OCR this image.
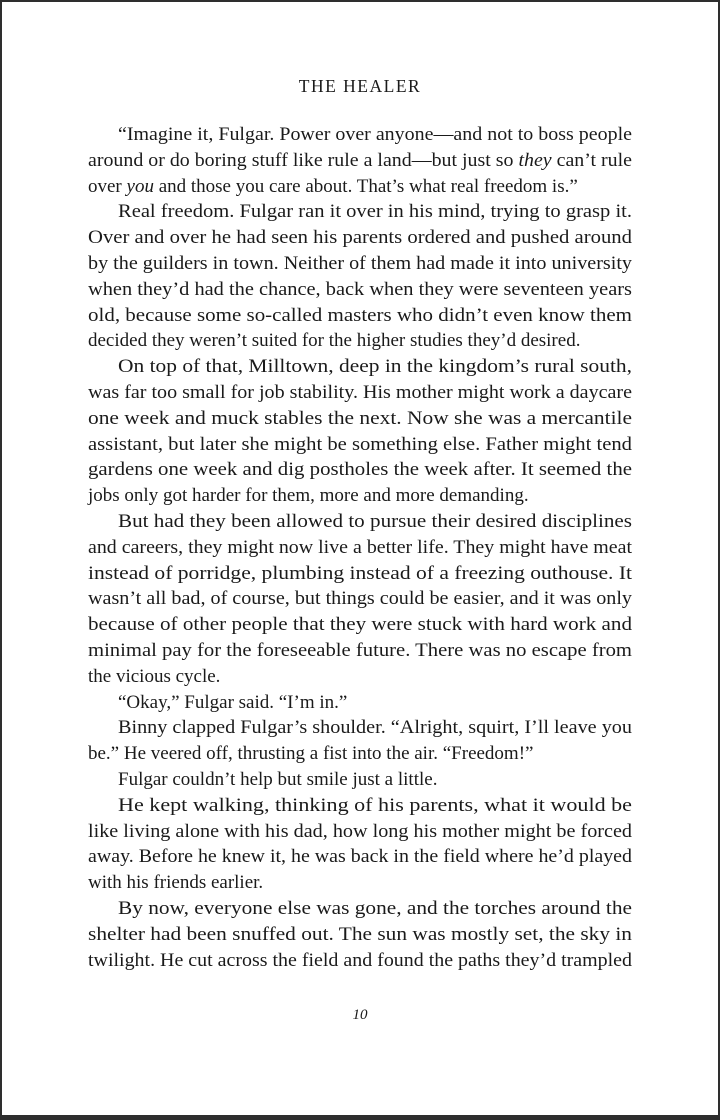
THE HEALER
“Imagine it, Fulgar. Power over anyone—and not to boss people
around or do boring stuff like rule a land—but just so they can’t rule
over you and those you care about. That’s what real freedom is.”
Real freedom. Fulgar ran it over in his mind, trying to grasp it.
Over and over he had seen his parents ordered and pushed around
by the guilders in town. Neither of them had made it into university
when they’d had the chance, back when they were seventeen years
old, because some so-called masters who didn’t even know them
decided they weren’t suited for the higher studies they’d desired.
On top of that, Milltown, deep in the kingdom’s rural south,
was far too small for job stability. His mother might work a daycare
one week and muck stables the next. Now she was a mercantile
assistant, but later she might be something else. Father might tend
gardens one week and dig postholes the week after. It seemed the
jobs only got harder for them, more and more demanding.
But had they been allowed to pursue their desired disciplines
and careers, they might now live a better life. They might have meat
instead of porridge, plumbing instead of a freezing outhouse. It
wasn’t all bad, of course, but things could be easier, and it was only
because of other people that they were stuck with hard work and
minimal pay for the foreseeable future. There was no escape from
the vicious cycle.
“Okay,” Fulgar said. “I’m in.”
Binny clapped Fulgar’s shoulder. “Alright, squirt, I’ll leave you
be.” He veered off, thrusting a fist into the air. “Freedom!”
Fulgar couldn’t help but smile just a little.
He kept walking, thinking of his parents, what it would be
like living alone with his dad, how long his mother might be forced
away. Before he knew it, he was back in the field where he’d played
with his friends earlier.
By now, everyone else was gone, and the torches around the
shelter had been snuffed out. The sun was mostly set, the sky in
twilight. He cut across the field and found the paths they’d trampled
10
